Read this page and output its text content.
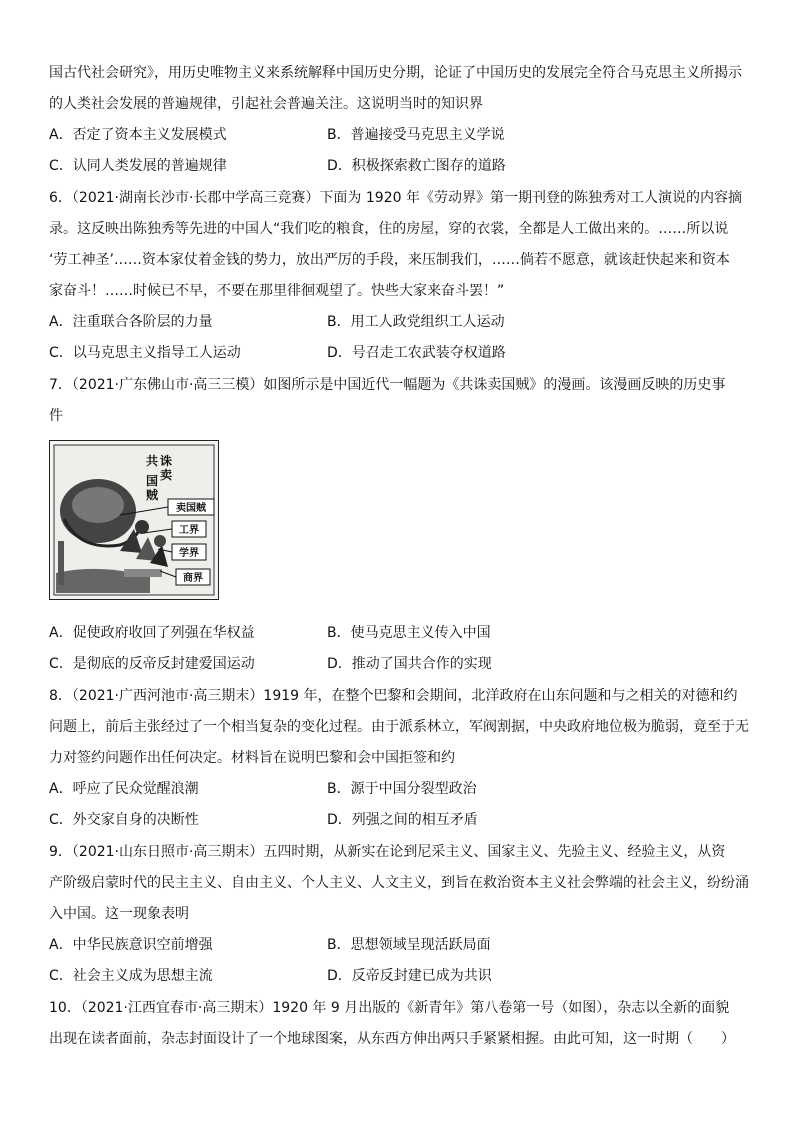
国古代社会研究》，用历史唯物主义来系统解释中国历史分期，论证了中国历史的发展完全符合马克思主义所揭示
的人类社会发展的普遍规律，引起社会普遍关注。这说明当时的知识界
A．否定了资本主义发展模式	B．普遍接受马克思主义学说
C．认同人类发展的普遍规律	D．积极探索救亡图存的道路
6．（2021·湖南长沙市·长郡中学高三竞赛）下面为 1920 年《劳动界》第一期刊登的陈独秀对工人演说的内容摘
录。这反映出陈独秀等先进的中国人“我们吃的粮食，住的房屋，穿的衣裳，全都是人工做出来的。……所以说
‘劳工神圣’……资本家仗着金钱的势力，放出严厉的手段，来压制我们，……倘若不愿意，就该赶快起来和资本
家奋斗！……时候已不早，不要在那里徘徊观望了。快些大家来奋斗罢！”
A．注重联合各阶层的力量	B．用工人政党组织工人运动
C．以马克思主义指导工人运动	D．号召走工农武装夺权道路
7．（2021·广东佛山市·高三三模）如图所示是中国近代一幅题为《共诛卖国贼》的漫画。该漫画反映的历史事
件
共 诛
卖
国
贼
卖国贼
工界
学界
商界
A．促使政府收回了列强在华权益	B．使马克思主义传入中国
C．是彻底的反帝反封建爱国运动	D．推动了国共合作的实现
8．（2021·广西河池市·高三期末）1919 年，在整个巴黎和会期间，北洋政府在山东问题和与之相关的对德和约
问题上，前后主张经过了一个相当复杂的变化过程。由于派系林立，军阀割据，中央政府地位极为脆弱，竟至于无
力对签约问题作出任何决定。材料旨在说明巴黎和会中国拒签和约
A．呼应了民众觉醒浪潮	B．源于中国分裂型政治
C．外交家自身的决断性	D．列强之间的相互矛盾
9．（2021·山东日照市·高三期末）五四时期，从新实在论到尼采主义、国家主义、先验主义、经验主义，从资
产阶级启蒙时代的民主主义、自由主义、个人主义、人文主义，到旨在救治资本主义社会弊端的社会主义，纷纷涌
入中国。这一现象表明
A．中华民族意识空前增强	B．思想领域呈现活跃局面
C．社会主义成为思想主流	D．反帝反封建已成为共识
10．（2021·江西宜春市·高三期末）1920 年 9 月出版的《新青年》第八卷第一号（如图），杂志以全新的面貌
出现在读者面前，杂志封面设计了一个地球图案，从东西方伸出两只手紧紧相握。由此可知，这一时期（　　）
